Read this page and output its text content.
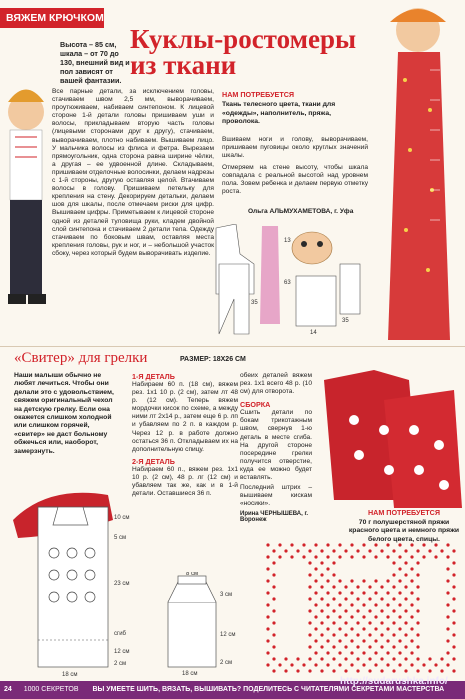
ВЯЖЕМ КРЮЧКОМ
Куклы-ростомеры из ткани
Высота – 85 см, шкала – от 70 до 130, внешний вид и пол зависят от вашей фантазии.
Все парные детали, за исключением головы, стачиваем швом 2,5 мм, выворачиваем, проутюживаем, набиваем синтепоном. К лицевой стороне 1-й детали головы пришиваем уши и волосы, прикладываем вторую часть головы (лицевыми сторонами друг к другу), стачиваем, выворачиваем, плотно набиваем. Вышиваем лицо. У мальчика волосы из флиса и фетра. Вырезаем прямоугольник, одна сторона равна ширине чёлки, а другая – ее удвоенной длине. Складываем, пришиваем отделочные волосинки, делаем надрезы с 1-й стороны, другую оставляя целой. Втачиваем волосы в голову. Пришиваем петельку для крепления на стену. Декорируем детальки, делаем шов для шкалы, после отмечаем риски для цифр. Вышиваем цифры. Приметываем к лицевой стороне одной из деталей туловища руки, кладем двойной слой синтепона и стачиваем 2 детали тела. Одежду стачиваем по боковым швам, оставляя места крепления головы, рук и ног, и – небольшой участок сбоку, через который будем выворачивать изделие.
НАМ ПОТРЕБУЕТСЯ
Ткань телесного цвета, ткани для «одежды», наполнитель, пряжа, проволока.
Вшиваем ноги и голову, выворачиваем, пришиваем пуговицы около круглых значений шкалы.
Отмеряем на стене высоту, чтобы шкала совпадала с реальной высотой над уровнем пола. Зовем ребенка и делаем первую отметку роста.
Ольга АЛЬМУХАМЕТОВА, г. Уфа
13
63
35
14
35
«Свитер» для грелки	РАЗМЕР: 18Х26 СМ
Наши малыши обычно не любят лечиться. Чтобы они делали это с удовольствием, свяжем оригинальный чехол на детскую грелку. Если она окажется слишком холодной или слишком горячей, «свитер» не даст больному обжечься или, наоборот, замерзнуть.
1-Я ДЕТАЛЬ
Набираем 60 п. (18 см), вяжем рез. 1х1 10 р. (2 см), затем лт 48 р. (12 см). Теперь вяжем мордочки кисок по схеме, а между ними лт 2х14 р., затем еще 6 р. лп и убавляем по 2 п. в каждом р. Через 12 р. в работе должно остаться 36 п. Откладываем их на дополнительную спицу.
2-Я ДЕТАЛЬ
Набираем 60 п., вяжем рез. 1х1 10 р. (2 см), 48 р. лг (12 см) и убавляем так же, как и в 1-й детали. Оставшиеся 36 п.
обеих деталей вяжем рез. 1х1 всего 48 р. (10 см) для отворота.
СБОРКА
Сшить детали по бокам трикотажным швом, свернув 1-ю деталь в месте сгиба. На другой стороне посередине грелки получится отверстие, куда ее можно будет вставлять.
Последний штрих – вышиваем кискам «носики».
Ирина ЧЕРНЫШЕВА, г. Воронеж
НАМ ПОТРЕБУЕТСЯ
70 г полушерстяной пряжи красного цвета и немного пряжи белого цвета, спицы.
10 см
5 см
23 см
сгиб
12 см
2 см
18 см
8 см
3 см
12 см
2 см
18 см
24 1000 СЕКРЕТОВ ВЫ УМЕЕТЕ ШИТЬ, ВЯЗАТЬ, ВЫШИВАТЬ? ПОДЕЛИТЕСЬ С ЧИТАТЕЛЯМИ СЕКРЕТАМИ МАСТЕРСТВА
http://sudarushka.info/
